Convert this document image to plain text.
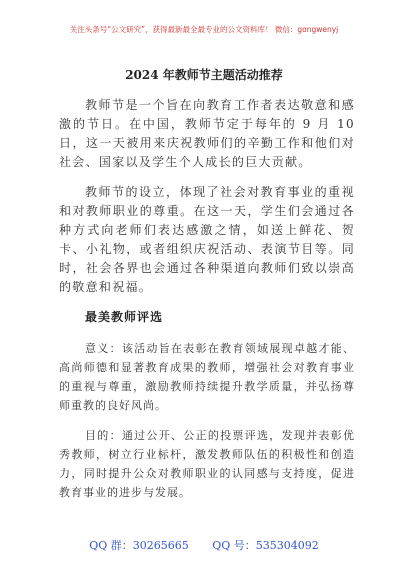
关注头条号“公文研究”，获得最新最全最专业的公文资料库！ 微信：gongwenyj
2024 年教师节主题活动推荐

教师节是一个旨在向教育工作者表达敬意和感激的节日。在中国，教师节定于每年的 9 月 10 日，这一天被用来庆祝教师们的辛勤工作和他们对社会、国家以及学生个人成长的巨大贡献。

教师节的设立，体现了社会对教育事业的重视和对教师职业的尊重。在这一天，学生们会通过各种方式向老师们表达感激之情，如送上鲜花、贺卡、小礼物，或者组织庆祝活动、表演节目等。同时，社会各界也会通过各种渠道向教师们致以崇高的敬意和祝福。

最美教师评选

意义：该活动旨在表彰在教育领域展现卓越才能、高尚师德和显著教育成果的教师，增强社会对教育事业的重视与尊重，激励教师持续提升教学质量，并弘扬尊师重教的良好风尚。

目的：通过公开、公正的投票评选，发现并表彰优秀教师，树立行业标杆，激发教师队伍的积极性和创造力，同时提升公众对教师职业的认同感与支持度，促进教育事业的进步与发展。

QQ 群：30265665 QQ 号：535304092
